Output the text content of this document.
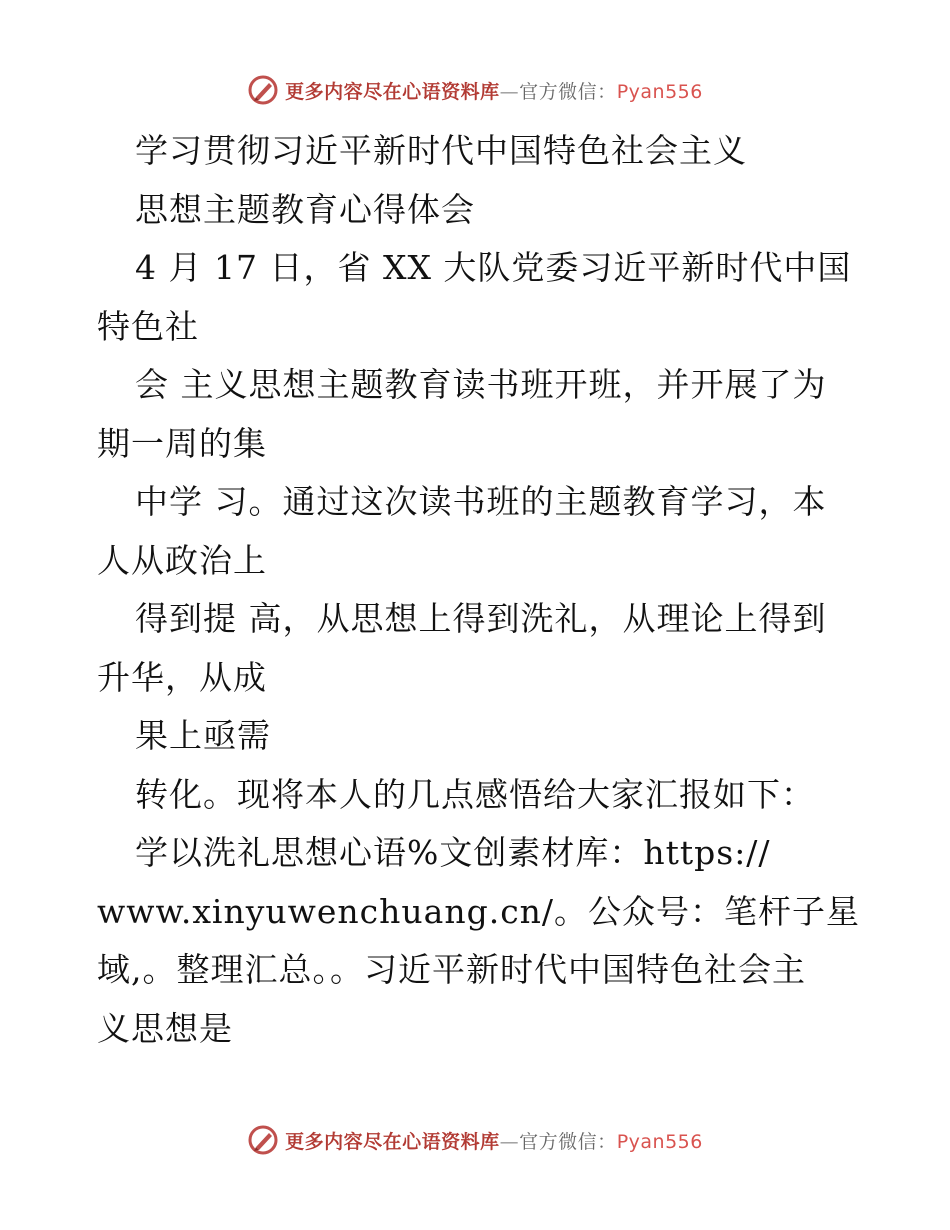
更多内容尽在心语资料库—官方微信：Pyan556
学习贯彻习近平新时代中国特色社会主义
思想主题教育心得体会
4 月 17 日，省 XX 大队党委习近平新时代中国
特色社
会 主义思想主题教育读书班开班，并开展了为
期一周的集
中学 习。通过这次读书班的主题教育学习，本
人从政治上
得到提 高，从思想上得到洗礼，从理论上得到
升华，从成
果上亟需
转化。现将本人的几点感悟给大家汇报如下：
学以洗礼思想心语%文创素材库：https://
www.xinyuwenchuang.cn/。公众号：笔杆子星
域,。整理汇总。。习近平新时代中国特色社会主
义思想是
更多内容尽在心语资料库—官方微信：Pyan556
